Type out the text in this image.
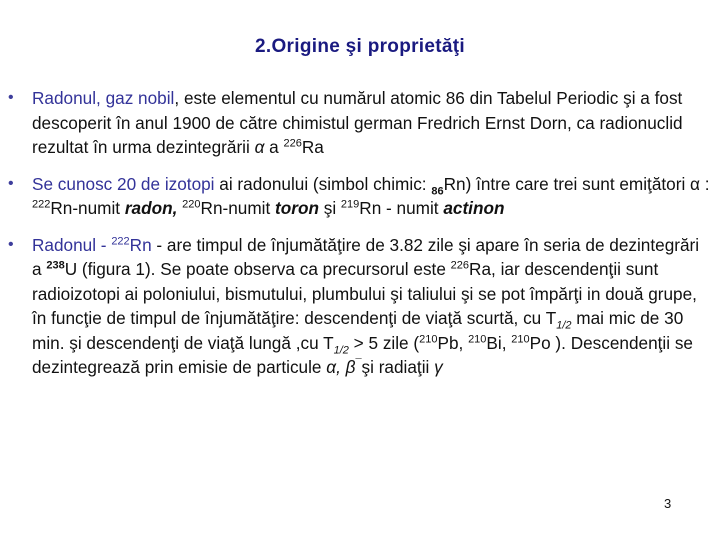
2.Origine şi proprietăţi
•	Radonul, gaz nobil, este elementul cu numărul atomic 86 din Tabelul Periodic şi a fost descoperit în anul 1900 de către chimistul german Fredrich Ernst Dorn, ca radionuclid rezultat în urma dezintegrării α a $^{226}$Ra
•	Se cunosc 20 de izotopi ai radonului (simbol chimic: $_{86}$Rn) între care trei sunt emiţători α : $^{222}$Rn-numit radon, $^{220}$Rn-numit toron şi $^{219}$Rn - numit actinon
•	Radonul - $^{222}$Rn - are timpul de înjumătăţire de 3.82 zile şi apare în seria de dezintegrări a $^{238}$U (figura 1). Se poate observa ca precursorul este $^{226}$Ra, iar descendenţii sunt radioizotopi ai poloniului, bismutului, plumbului şi taliului şi se pot împărţi in două grupe, în funcţie de timpul de înjumătăţire: descendenţi de viaţă scurtă, cu $T_{1/2}$ mai mic de 30 min. şi descendenţi de viaţă lungă ,cu $T_{1/2} > 5$ zile ($^{210}$Pb, $^{210}$Bi, $^{210}$Po ). Descendenţii se dezintegrează prin emisie de particule α, β¯şi radiaţii γ
3
